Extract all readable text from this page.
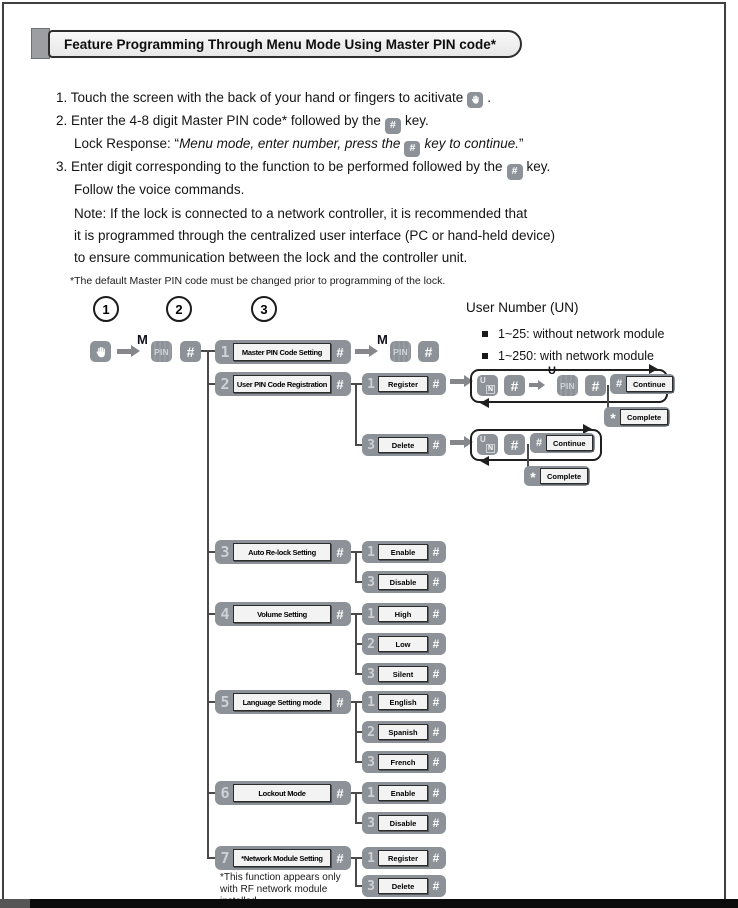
Feature Programming Through Menu Mode Using Master PIN code*
1. Touch the screen with the back of your hand or fingers to acitivate .
2. Enter the 4-8 digit Master PIN code* followed by the # key.
Lock Response: “Menu mode, enter number, press the # key to continue.”
3. Enter digit corresponding to the function to be performed followed by the # key.
Follow the voice commands.
Note: If the lock is connected to a network controller, it is recommended that
it is programmed through the centralized user interface (PC or hand-held device)
to ensure communication between the lock and the controller unit.
*The default Master PIN code must be changed prior to programming of the lock.
User Number (UN)
1~25: without network module
1~250: with network module
1	2	3
M
PIN	#	1	Master PIN Code Setting	#
M
PIN	#
2 User PIN Code Registration #
3	Auto Re-lock Setting	#
4	Volume Setting	#
5	Language Setting mode	#
6	Lockout Mode	#
7	*Network Module Setting	#
1	Register	#
3	Delete	#
1	Enable	#
3	Disable	#
1	High	#
2	Low	#
3	Silent	#
1	English	#
2	Spanish	#
3	French	#
1	Enable	#
3	Disable	#
1	Register	#
3	Delete	#
U
N	#
U
PIN	#	#	Continue
*	Complete
U
N	#	#	Continue
*	Complete
*This function appears only
with RF network module
